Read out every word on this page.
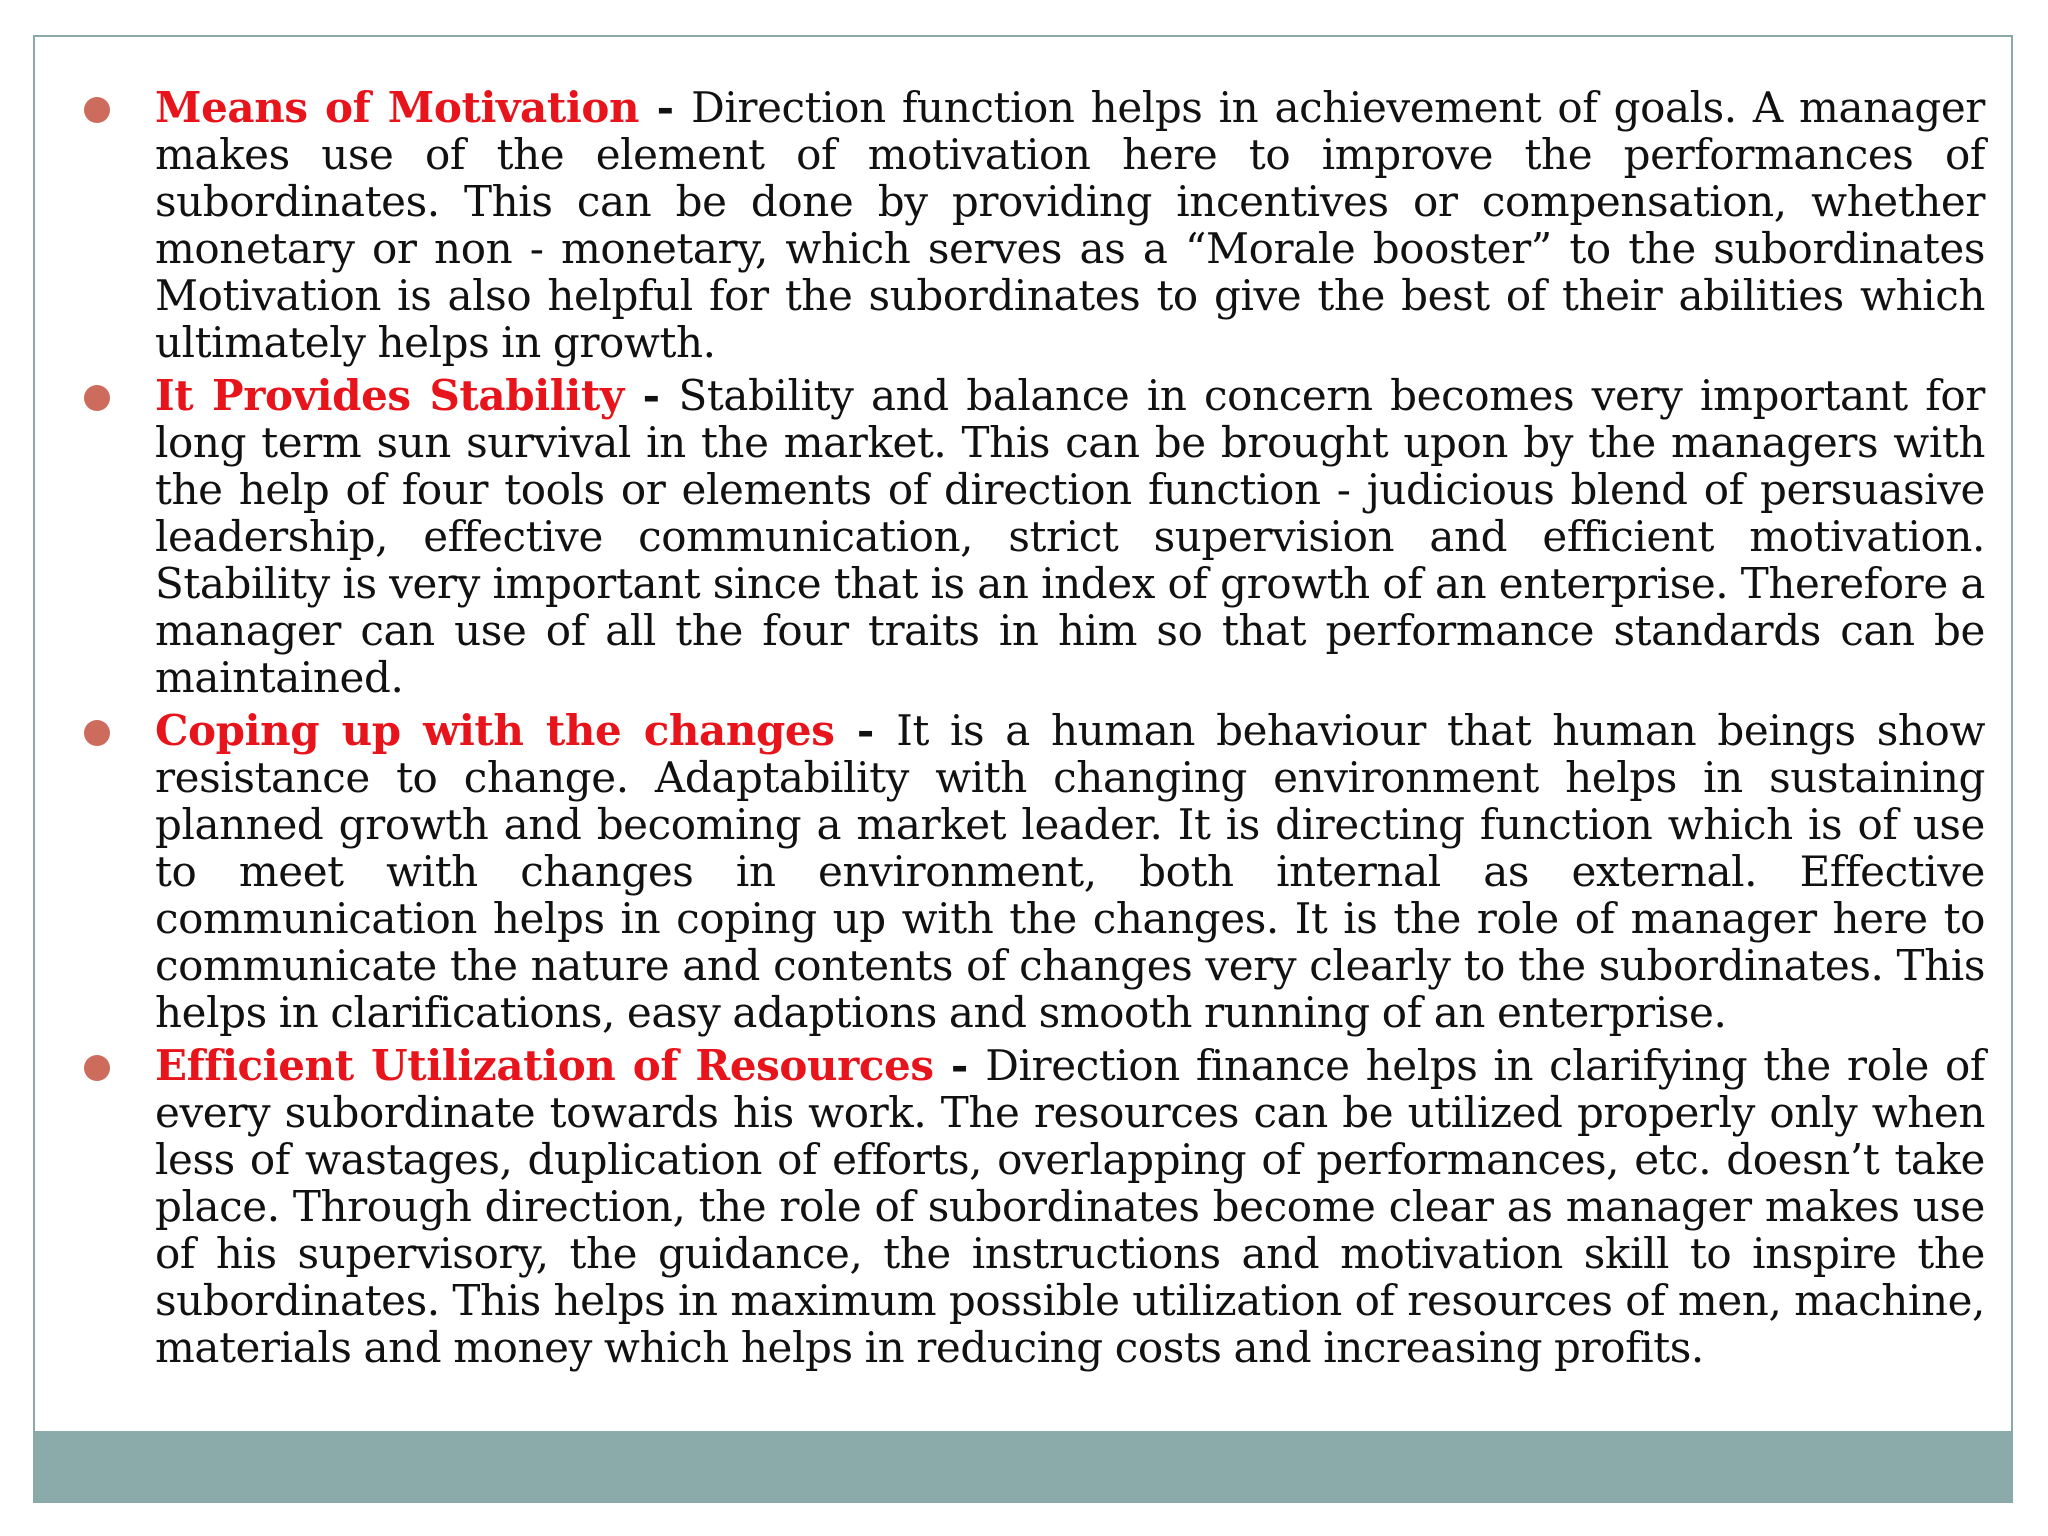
Means of Motivation - Direction function helps in achievement of goals. A manager makes use of the element of motivation here to improve the performances of subordinates. This can be done by providing incentives or compensation, whether monetary or non - monetary, which serves as a “Morale booster” to the subordinates Motivation is also helpful for the subordinates to give the best of their abilities which ultimately helps in growth.
It Provides Stability - Stability and balance in concern becomes very important for long term sun survival in the market. This can be brought upon by the managers with the help of four tools or elements of direction function - judicious blend of persuasive leadership, effective communication, strict supervision and efficient motivation. Stability is very important since that is an index of growth of an enterprise. Therefore a manager can use of all the four traits in him so that performance standards can be maintained.
Coping up with the changes - It is a human behaviour that human beings show resistance to change. Adaptability with changing environment helps in sustaining planned growth and becoming a market leader. It is directing function which is of use to meet with changes in environment, both internal as external. Effective communication helps in coping up with the changes. It is the role of manager here to communicate the nature and contents of changes very clearly to the subordinates. This helps in clarifications, easy adaptions and smooth running of an enterprise.
Efficient Utilization of Resources - Direction finance helps in clarifying the role of every subordinate towards his work. The resources can be utilized properly only when less of wastages, duplication of efforts, overlapping of performances, etc. doesn’t take place. Through direction, the role of subordinates become clear as manager makes use of his supervisory, the guidance, the instructions and motivation skill to inspire the subordinates. This helps in maximum possible utilization of resources of men, machine, materials and money which helps in reducing costs and increasing profits.
